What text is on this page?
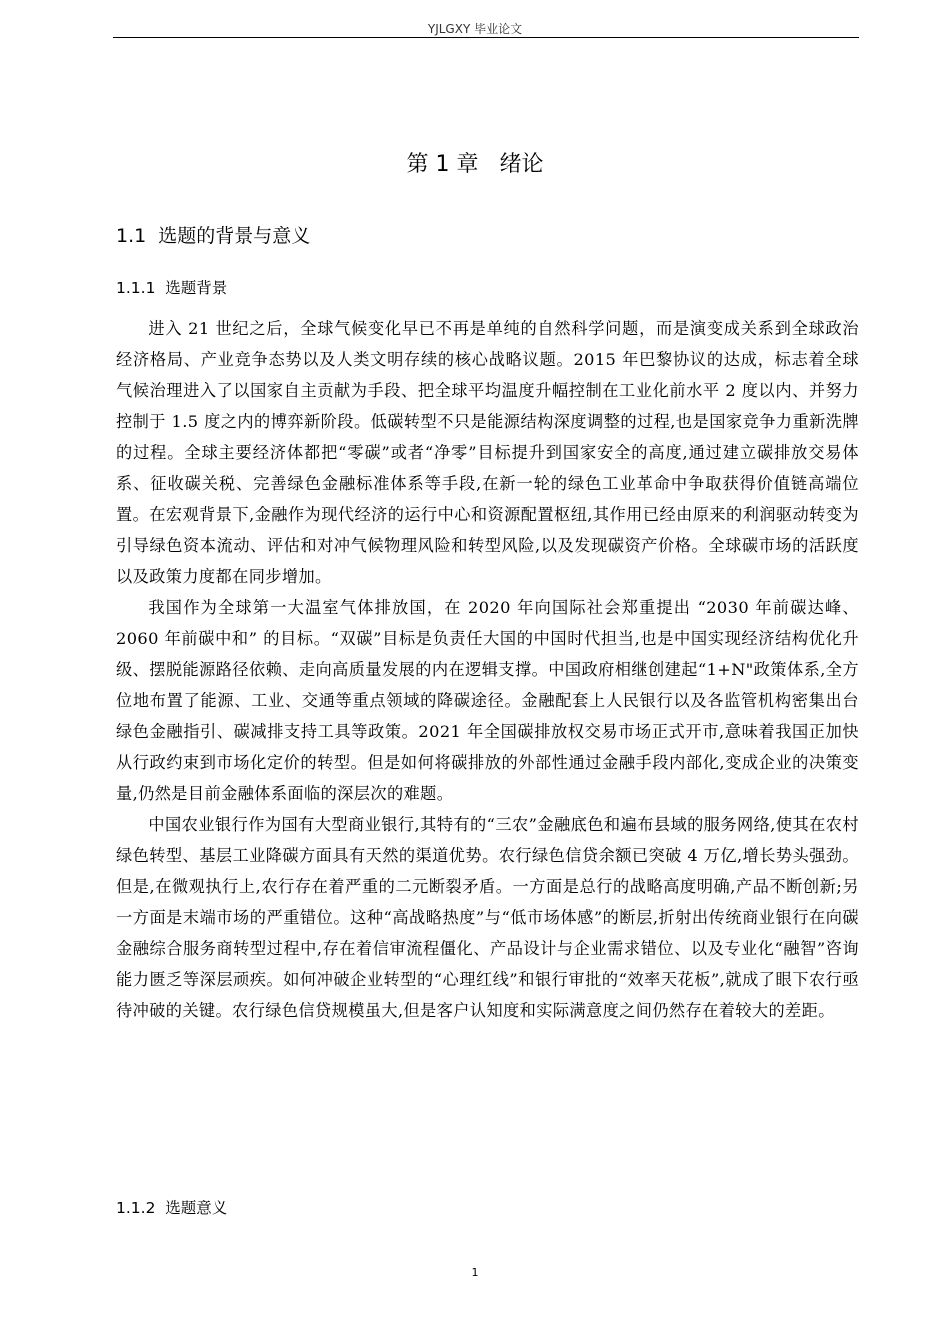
YJLGXY 毕业论文
第 1 章   绪论
1.1  选题的背景与意义
1.1.1  选题背景

进入 21 世纪之后，全球气候变化早已不再是单纯的自然科学问题，而是演变成关系到全球政治经济格局、产业竞争态势以及人类文明存续的核心战略议题。2015 年巴黎协议的达成，标志着全球气候治理进入了以国家自主贡献为手段、把全球平均温度升幅控制在工业化前水平 2 度以内、并努力控制于 1.5 度之内的博弈新阶段。低碳转型不只是能源结构深度调整的过程,也是国家竞争力重新洗牌的过程。全球主要经济体都把“零碳”或者“净零”目标提升到国家安全的高度,通过建立碳排放交易体系、征收碳关税、完善绿色金融标准体系等手段,在新一轮的绿色工业革命中争取获得价值链高端位置。在宏观背景下,金融作为现代经济的运行中心和资源配置枢纽,其作用已经由原来的利润驱动转变为引导绿色资本流动、评估和对冲气候物理风险和转型风险,以及发现碳资产价格。全球碳市场的活跃度以及政策力度都在同步增加。

我国作为全球第一大温室气体排放国，在 2020 年向国际社会郑重提出 “2030 年前碳达峰、2060 年前碳中和” 的目标。“双碳”目标是负责任大国的中国时代担当,也是中国实现经济结构优化升级、摆脱能源路径依赖、走向高质量发展的内在逻辑支撑。中国政府相继创建起“1+N"政策体系,全方位地布置了能源、工业、交通等重点领域的降碳途径。金融配套上人民银行以及各监管机构密集出台绿色金融指引、碳减排支持工具等政策。2021 年全国碳排放权交易市场正式开市,意味着我国正加快从行政约束到市场化定价的转型。但是如何将碳排放的外部性通过金融手段内部化,变成企业的决策变量,仍然是目前金融体系面临的深层次的难题。

中国农业银行作为国有大型商业银行,其特有的“三农”金融底色和遍布县域的服务网络,使其在农村绿色转型、基层工业降碳方面具有天然的渠道优势。农行绿色信贷余额已突破 4 万亿,增长势头强劲。但是,在微观执行上,农行存在着严重的二元断裂矛盾。一方面是总行的战略高度明确,产品不断创新;另一方面是末端市场的严重错位。这种“高战略热度”与“低市场体感”的断层,折射出传统商业银行在向碳金融综合服务商转型过程中,存在着信审流程僵化、产品设计与企业需求错位、以及专业化“融智”咨询能力匮乏等深层顽疾。如何冲破企业转型的“心理红线”和银行审批的“效率天花板”,就成了眼下农行亟待冲破的关键。农行绿色信贷规模虽大,但是客户认知度和实际满意度之间仍然存在着较大的差距。

1.1.2  选题意义
1
